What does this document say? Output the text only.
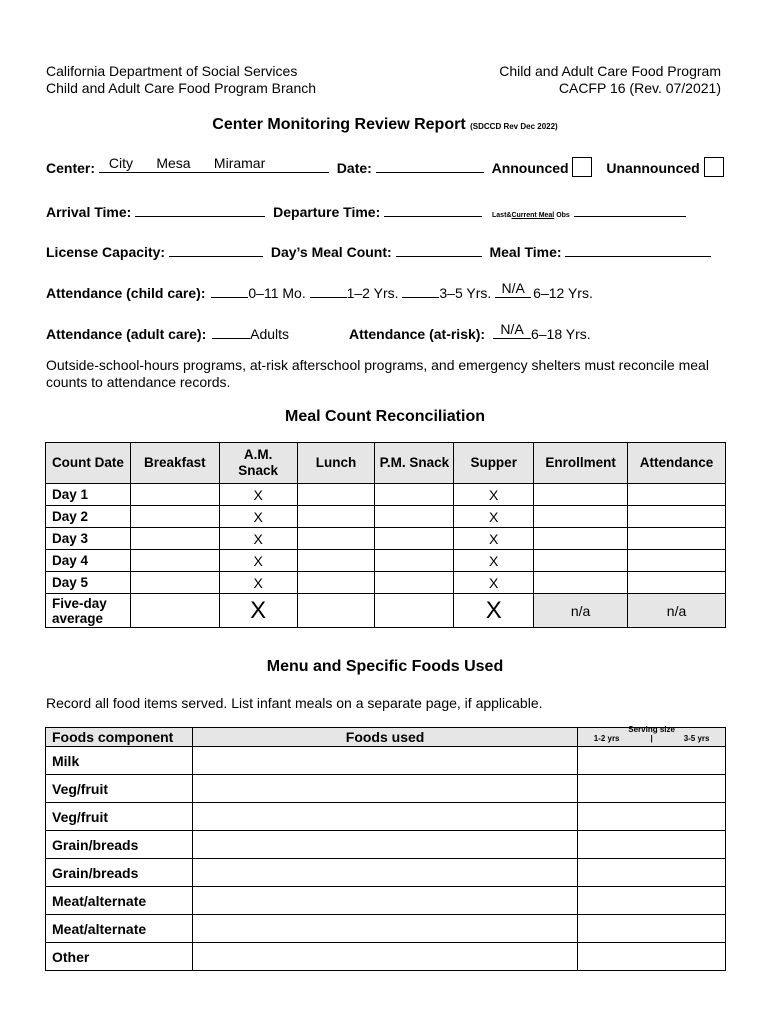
California Department of Social Services
Child and Adult Care Food Program Branch
Child and Adult Care Food Program
CACFP 16 (Rev. 07/2021)
Center Monitoring Review Report (SDCCD Rev Dec 2022)
Center: City      Mesa      Miramar	Date:	Announced	Unannounced
Arrival Time:	Departure Time:	Last&Current Meal Obs
License Capacity:	Day’s Meal Count:	Meal Time:
Attendance (child care):	0–11 Mo.	1–2 Yrs.	3–5 Yrs. N/A 6–12 Yrs.
Attendance (adult care):	Adults	Attendance (at-risk):	N/A 6–18 Yrs.
Outside-school-hours programs, at-risk afterschool programs, and emergency shelters must reconcile meal counts to attendance records.
Meal Count Reconciliation
Count Date	Breakfast	A.M. Snack	Lunch	P.M. Snack	Supper	Enrollment	Attendance
Day 1		X			X		
Day 2		X			X		
Day 3		X			X		
Day 4		X			X		
Day 5		X			X		
Five-day average		X			X	n/a	n/a
Menu and Specific Foods Used
Record all food items served. List infant meals on a separate page, if applicable.
Foods component	Foods used	Serving size
1-2 yrs | 3-5 yrs

Milk		
Veg/fruit		
Veg/fruit		
Grain/breads		
Grain/breads		
Meat/alternate		
Meat/alternate		
Other		
